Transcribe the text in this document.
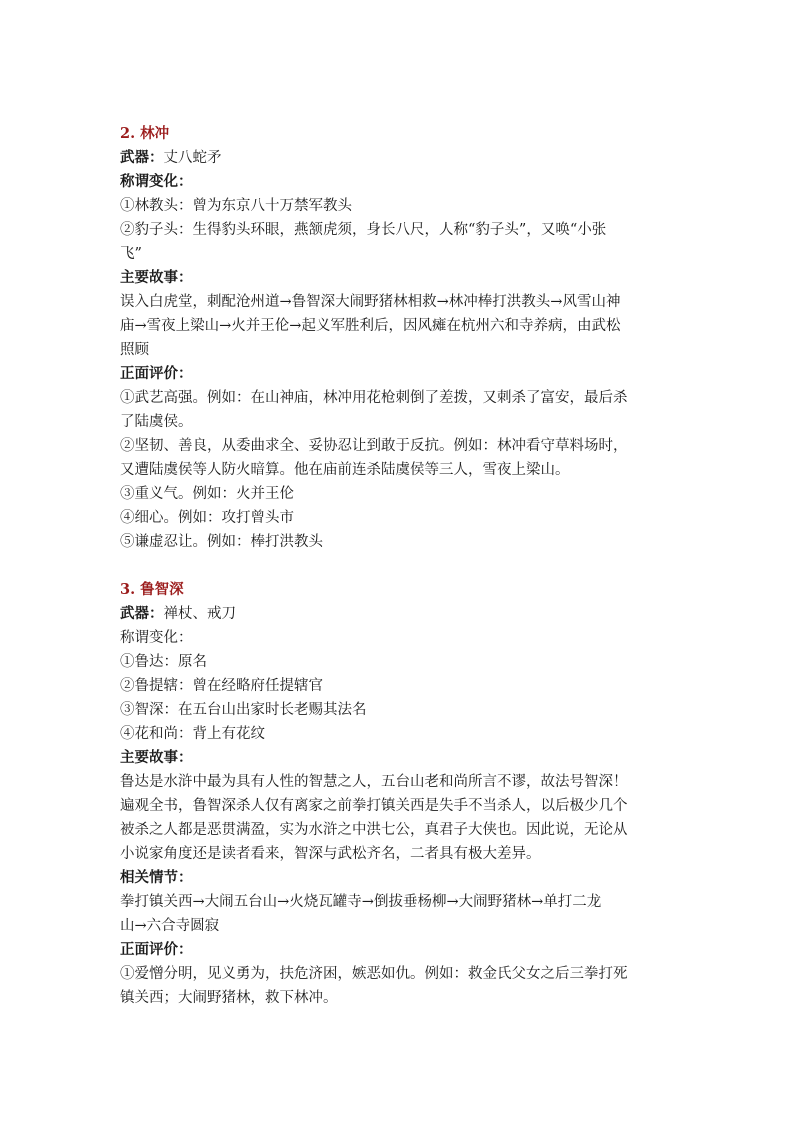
2. 林冲
武器：丈八蛇矛
称谓变化：
①林教头：曾为东京八十万禁军教头
②豹子头：生得豹头环眼，燕颔虎须，身长八尺，人称“豹子头”，又唤“小张
飞”
主要故事：
误入白虎堂，刺配沧州道→鲁智深大闹野猪林相救→林冲棒打洪教头→风雪山神
庙→雪夜上梁山→火并王伦→起义军胜利后，因风瘫在杭州六和寺养病，由武松
照顾
正面评价：
①武艺高强。例如：在山神庙，林冲用花枪刺倒了差拨，又刺杀了富安，最后杀
了陆虞侯。
②坚韧、善良，从委曲求全、妥协忍让到敢于反抗。例如：林冲看守草料场时，
又遭陆虞侯等人防火暗算。他在庙前连杀陆虞侯等三人，雪夜上梁山。
③重义气。例如：火并王伦
④细心。例如：攻打曾头市
⑤谦虚忍让。例如：棒打洪教头
3. 鲁智深
武器：禅杖、戒刀
称谓变化：
①鲁达：原名
②鲁提辖：曾在经略府任提辖官
③智深：在五台山出家时长老赐其法名
④花和尚：背上有花纹
主要故事：
鲁达是水浒中最为具有人性的智慧之人，五台山老和尚所言不谬，故法号智深！
遍观全书，鲁智深杀人仅有离家之前拳打镇关西是失手不当杀人，以后极少几个
被杀之人都是恶贯满盈，实为水浒之中洪七公，真君子大侠也。因此说，无论从
小说家角度还是读者看来，智深与武松齐名，二者具有极大差异。
相关情节：
拳打镇关西→大闹五台山→火烧瓦罐寺→倒拔垂杨柳→大闹野猪林→单打二龙
山→六合寺圆寂
正面评价：
①爱憎分明，见义勇为，扶危济困，嫉恶如仇。例如：救金氏父女之后三拳打死
镇关西；大闹野猪林，救下林冲。
